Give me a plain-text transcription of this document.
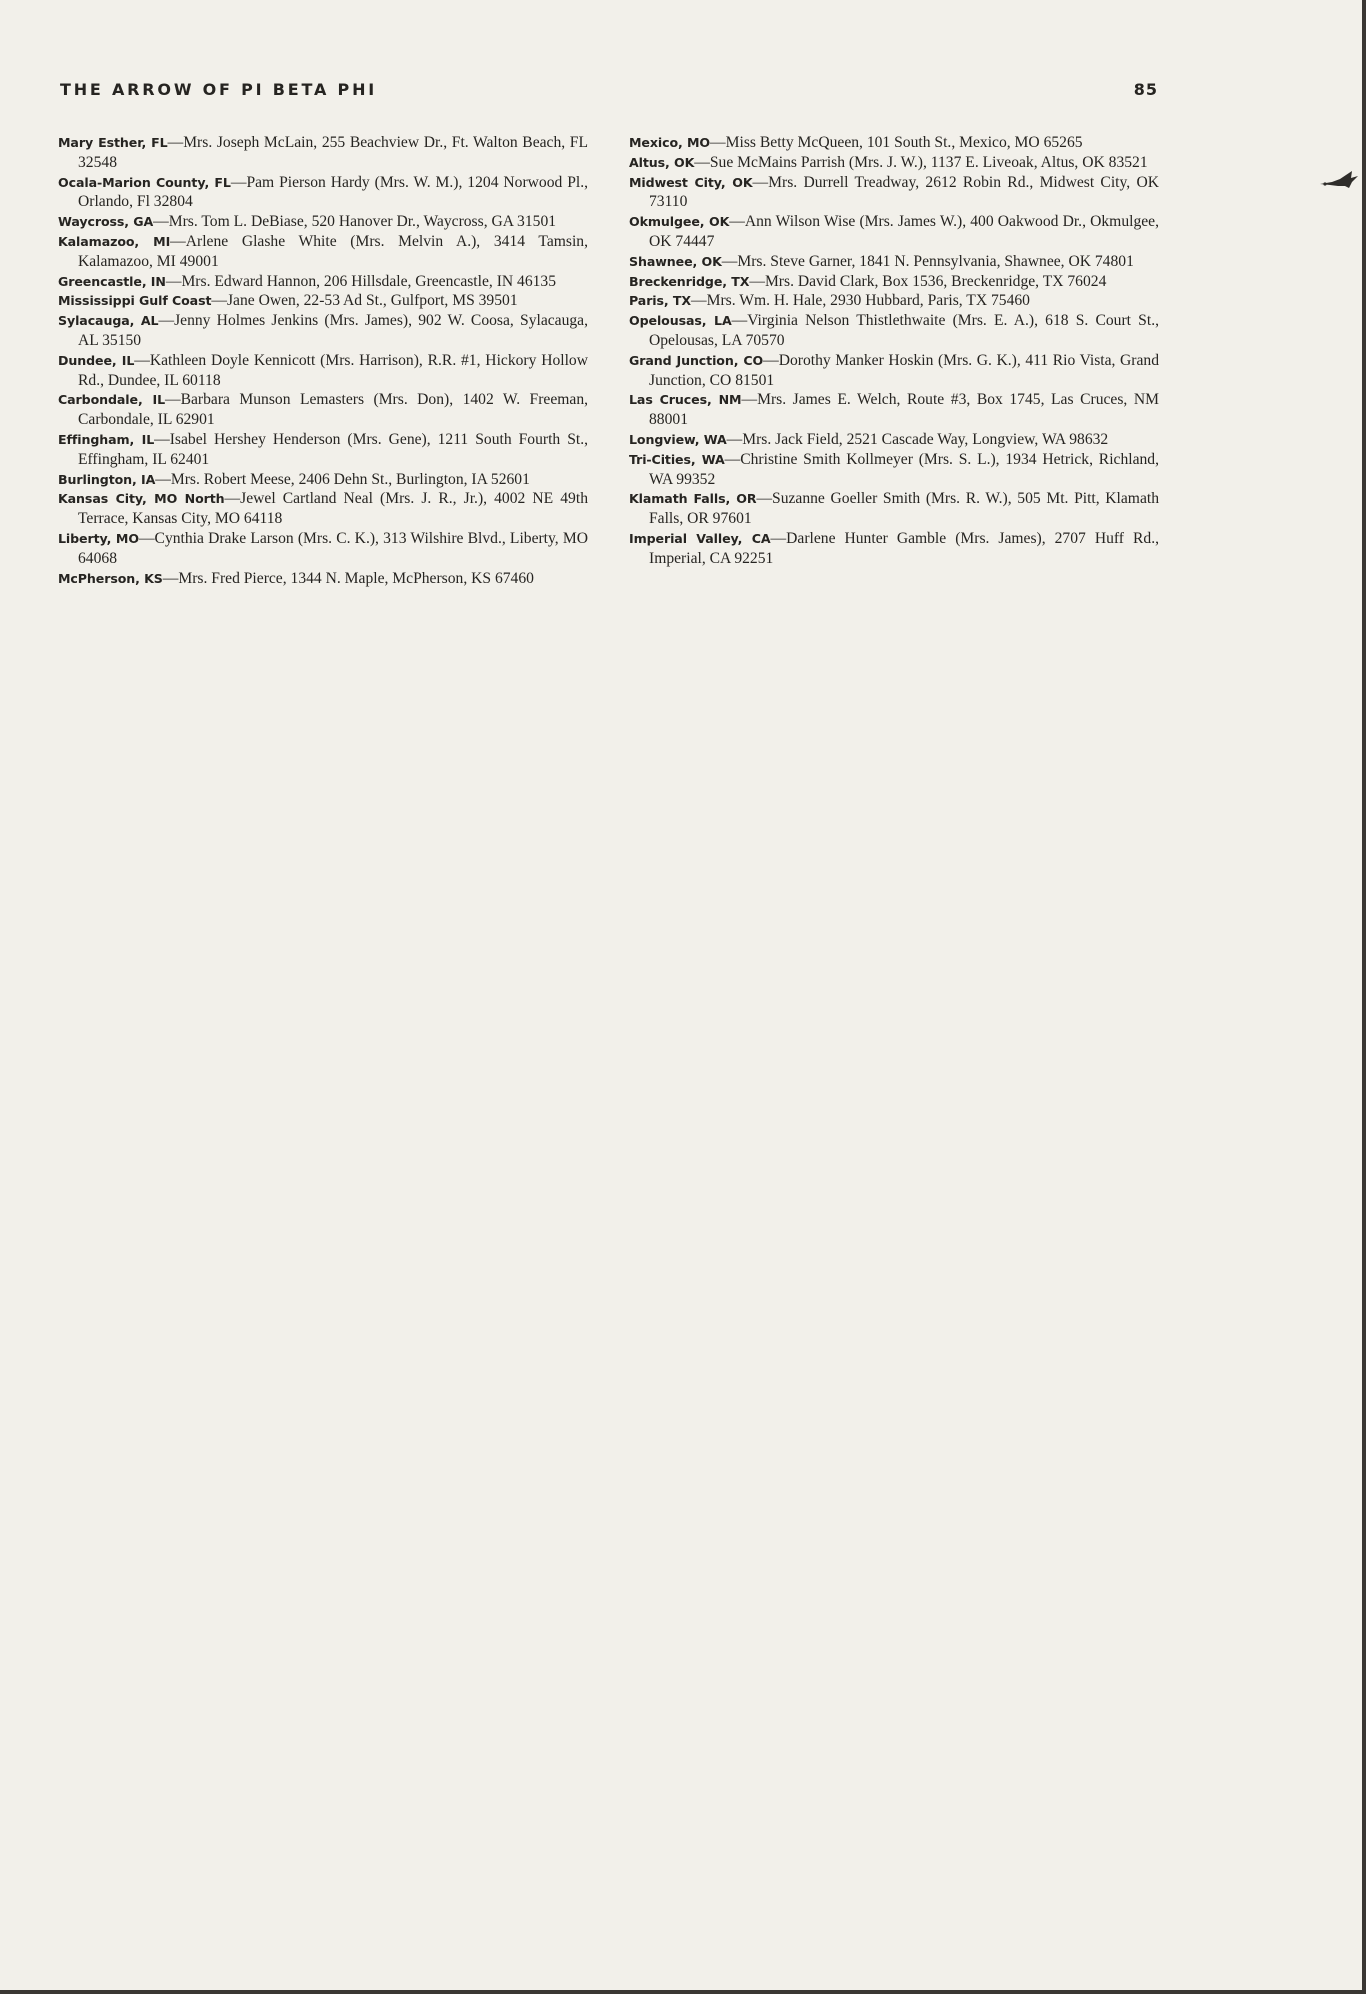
THE ARROW OF PI BETA PHI	85

Mary Esther, FL—Mrs. Joseph McLain, 255 Beachview Dr., Ft. Walton Beach, FL 32548

Ocala-Marion County, FL—Pam Pierson Hardy (Mrs. W. M.), 1204 Norwood Pl., Orlando, Fl 32804

Waycross, GA—Mrs. Tom L. DeBiase, 520 Hanover Dr., Waycross, GA 31501

Kalamazoo, MI—Arlene Glashe White (Mrs. Melvin A.), 3414 Tamsin, Kalamazoo, MI 49001

Greencastle, IN—Mrs. Edward Hannon, 206 Hillsdale, Greencastle, IN 46135

Mississippi Gulf Coast—Jane Owen, 22-53 Ad St., Gulfport, MS 39501

Sylacauga, AL—Jenny Holmes Jenkins (Mrs. James), 902 W. Coosa, Sylacauga, AL 35150

Dundee, IL—Kathleen Doyle Kennicott (Mrs. Harrison), R.R. #1, Hickory Hollow Rd., Dundee, IL 60118

Carbondale, IL—Barbara Munson Lemasters (Mrs. Don), 1402 W. Freeman, Carbondale, IL 62901

Effingham, IL—Isabel Hershey Henderson (Mrs. Gene), 1211 South Fourth St., Effingham, IL 62401

Burlington, IA—Mrs. Robert Meese, 2406 Dehn St., Burlington, IA 52601

Kansas City, MO North—Jewel Cartland Neal (Mrs. J. R., Jr.), 4002 NE 49th Terrace, Kansas City, MO 64118

Liberty, MO—Cynthia Drake Larson (Mrs. C. K.), 313 Wilshire Blvd., Liberty, MO 64068

McPherson, KS—Mrs. Fred Pierce, 1344 N. Maple, McPherson, KS 67460

Mexico, MO—Miss Betty McQueen, 101 South St., Mexico, MO 65265

Altus, OK—Sue McMains Parrish (Mrs. J. W.), 1137 E. Liveoak, Altus, OK 83521

Midwest City, OK—Mrs. Durrell Treadway, 2612 Robin Rd., Midwest City, OK 73110

Okmulgee, OK—Ann Wilson Wise (Mrs. James W.), 400 Oakwood Dr., Okmulgee, OK 74447

Shawnee, OK—Mrs. Steve Garner, 1841 N. Pennsylvania, Shawnee, OK 74801

Breckenridge, TX—Mrs. David Clark, Box 1536, Breckenridge, TX 76024

Paris, TX—Mrs. Wm. H. Hale, 2930 Hubbard, Paris, TX 75460

Opelousas, LA—Virginia Nelson Thistlethwaite (Mrs. E. A.), 618 S. Court St., Opelousas, LA 70570

Grand Junction, CO—Dorothy Manker Hoskin (Mrs. G. K.), 411 Rio Vista, Grand Junction, CO 81501

Las Cruces, NM—Mrs. James E. Welch, Route #3, Box 1745, Las Cruces, NM 88001

Longview, WA—Mrs. Jack Field, 2521 Cascade Way, Longview, WA 98632

Tri-Cities, WA—Christine Smith Kollmeyer (Mrs. S. L.), 1934 Hetrick, Richland, WA 99352

Klamath Falls, OR—Suzanne Goeller Smith (Mrs. R. W.), 505 Mt. Pitt, Klamath Falls, OR 97601

Imperial Valley, CA—Darlene Hunter Gamble (Mrs. James), 2707 Huff Rd., Imperial, CA 92251
